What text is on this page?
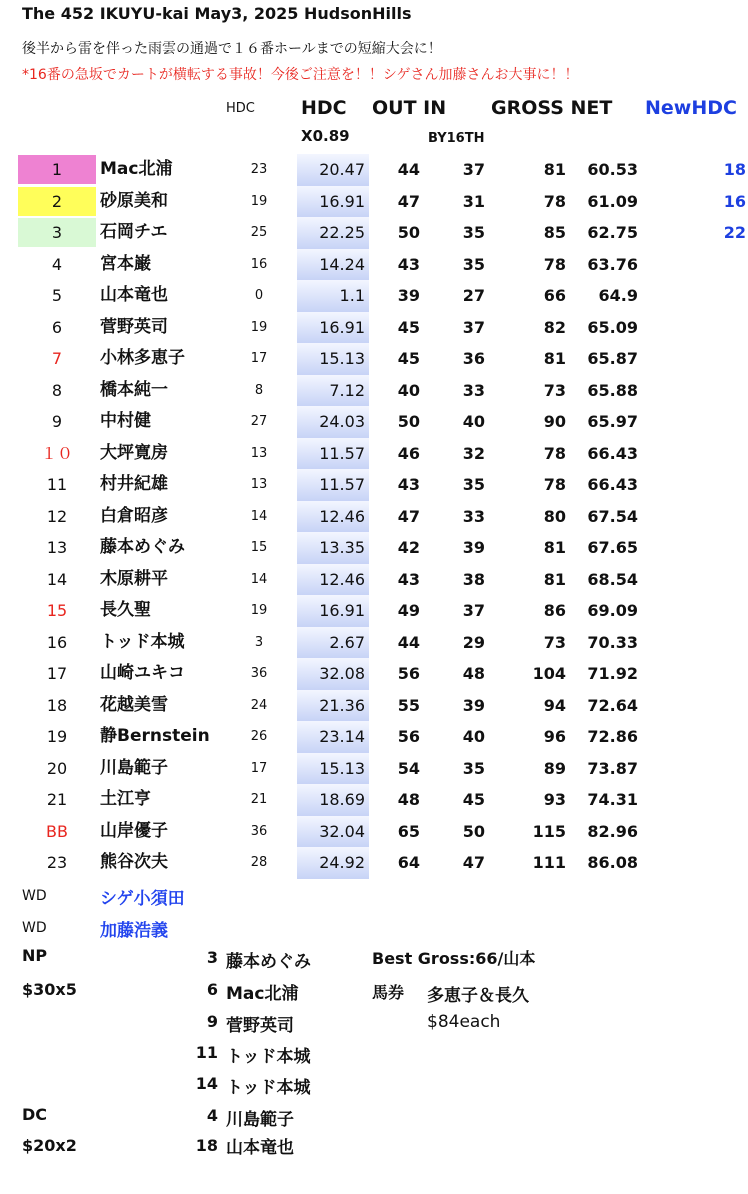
The 452 IKUYU-kai May3, 2025 HudsonHills
後半から雷を伴った雨雲の通過で１６番ホールまでの短縮大会に！
*16番の急坂でカートが横転する事故！今後ご注意を！！シゲさん加藤さんお大事に！！
HDC HDC
X0.89
OUT IN
BY16TH
GROSS NET NewHDC
1	Mac北浦	23	20.47	44	37	81	60.53	18
2	砂原美和	19	16.91	47	31	78	61.09	16
3	石岡チエ	25	22.25	50	35	85	62.75	22
4	宮本巌	16	14.24	43	35	78	63.76
5	山本竜也	0	1.1	39	27	66	64.9
6	菅野英司	19	16.91	45	37	82	65.09
7	小林多恵子	17	15.13	45	36	81	65.87
8	橋本純一	8	7.12	40	33	73	65.88
9	中村健	27	24.03	50	40	90	65.97
１０	大坪寛房	13	11.57	46	32	78	66.43
11	村井紀雄	13	11.57	43	35	78	66.43
12	白倉昭彦	14	12.46	47	33	80	67.54
13	藤本めぐみ	15	13.35	42	39	81	67.65
14	木原耕平	14	12.46	43	38	81	68.54
15	長久聖	19	16.91	49	37	86	69.09
16	トッド本城	3	2.67	44	29	73	70.33
17	山崎ユキコ	36	32.08	56	48	104	71.92
18	花越美雪	24	21.36	55	39	94	72.64
19	静Bernstein	26	23.14	56	40	96	72.86
20	川島範子	17	15.13	54	35	89	73.87
21	土江亨	21	18.69	48	45	93	74.31
BB	山岸優子	36	32.04	65	50	115	82.96
23	熊谷次夫	28	24.92	64	47	111	86.08
WD	シゲ小須田
WD	加藤浩義
NP
$30x5
3 藤本めぐみ
6 Mac北浦
9 菅野英司
11 トッド本城
14 トッド本城
DC
$20x2
4 川島範子
18 山本竜也
Best Gross:66/山本
馬券 多恵子＆長久
$84each
